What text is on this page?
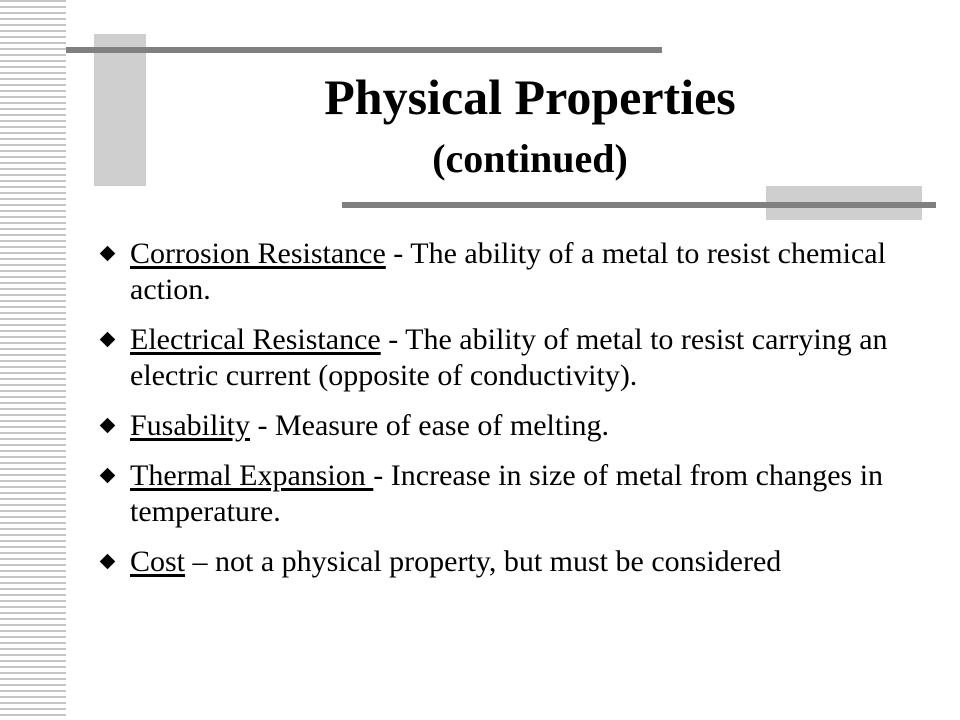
Physical Properties
(continued)
Corrosion Resistance - The ability of a metal to resist chemical action.
Electrical Resistance - The ability of metal to resist carrying an electric current (opposite of conductivity).
Fusability - Measure of ease of melting.
Thermal Expansion - Increase in size of metal from changes in temperature.
Cost – not a physical property, but must be considered
